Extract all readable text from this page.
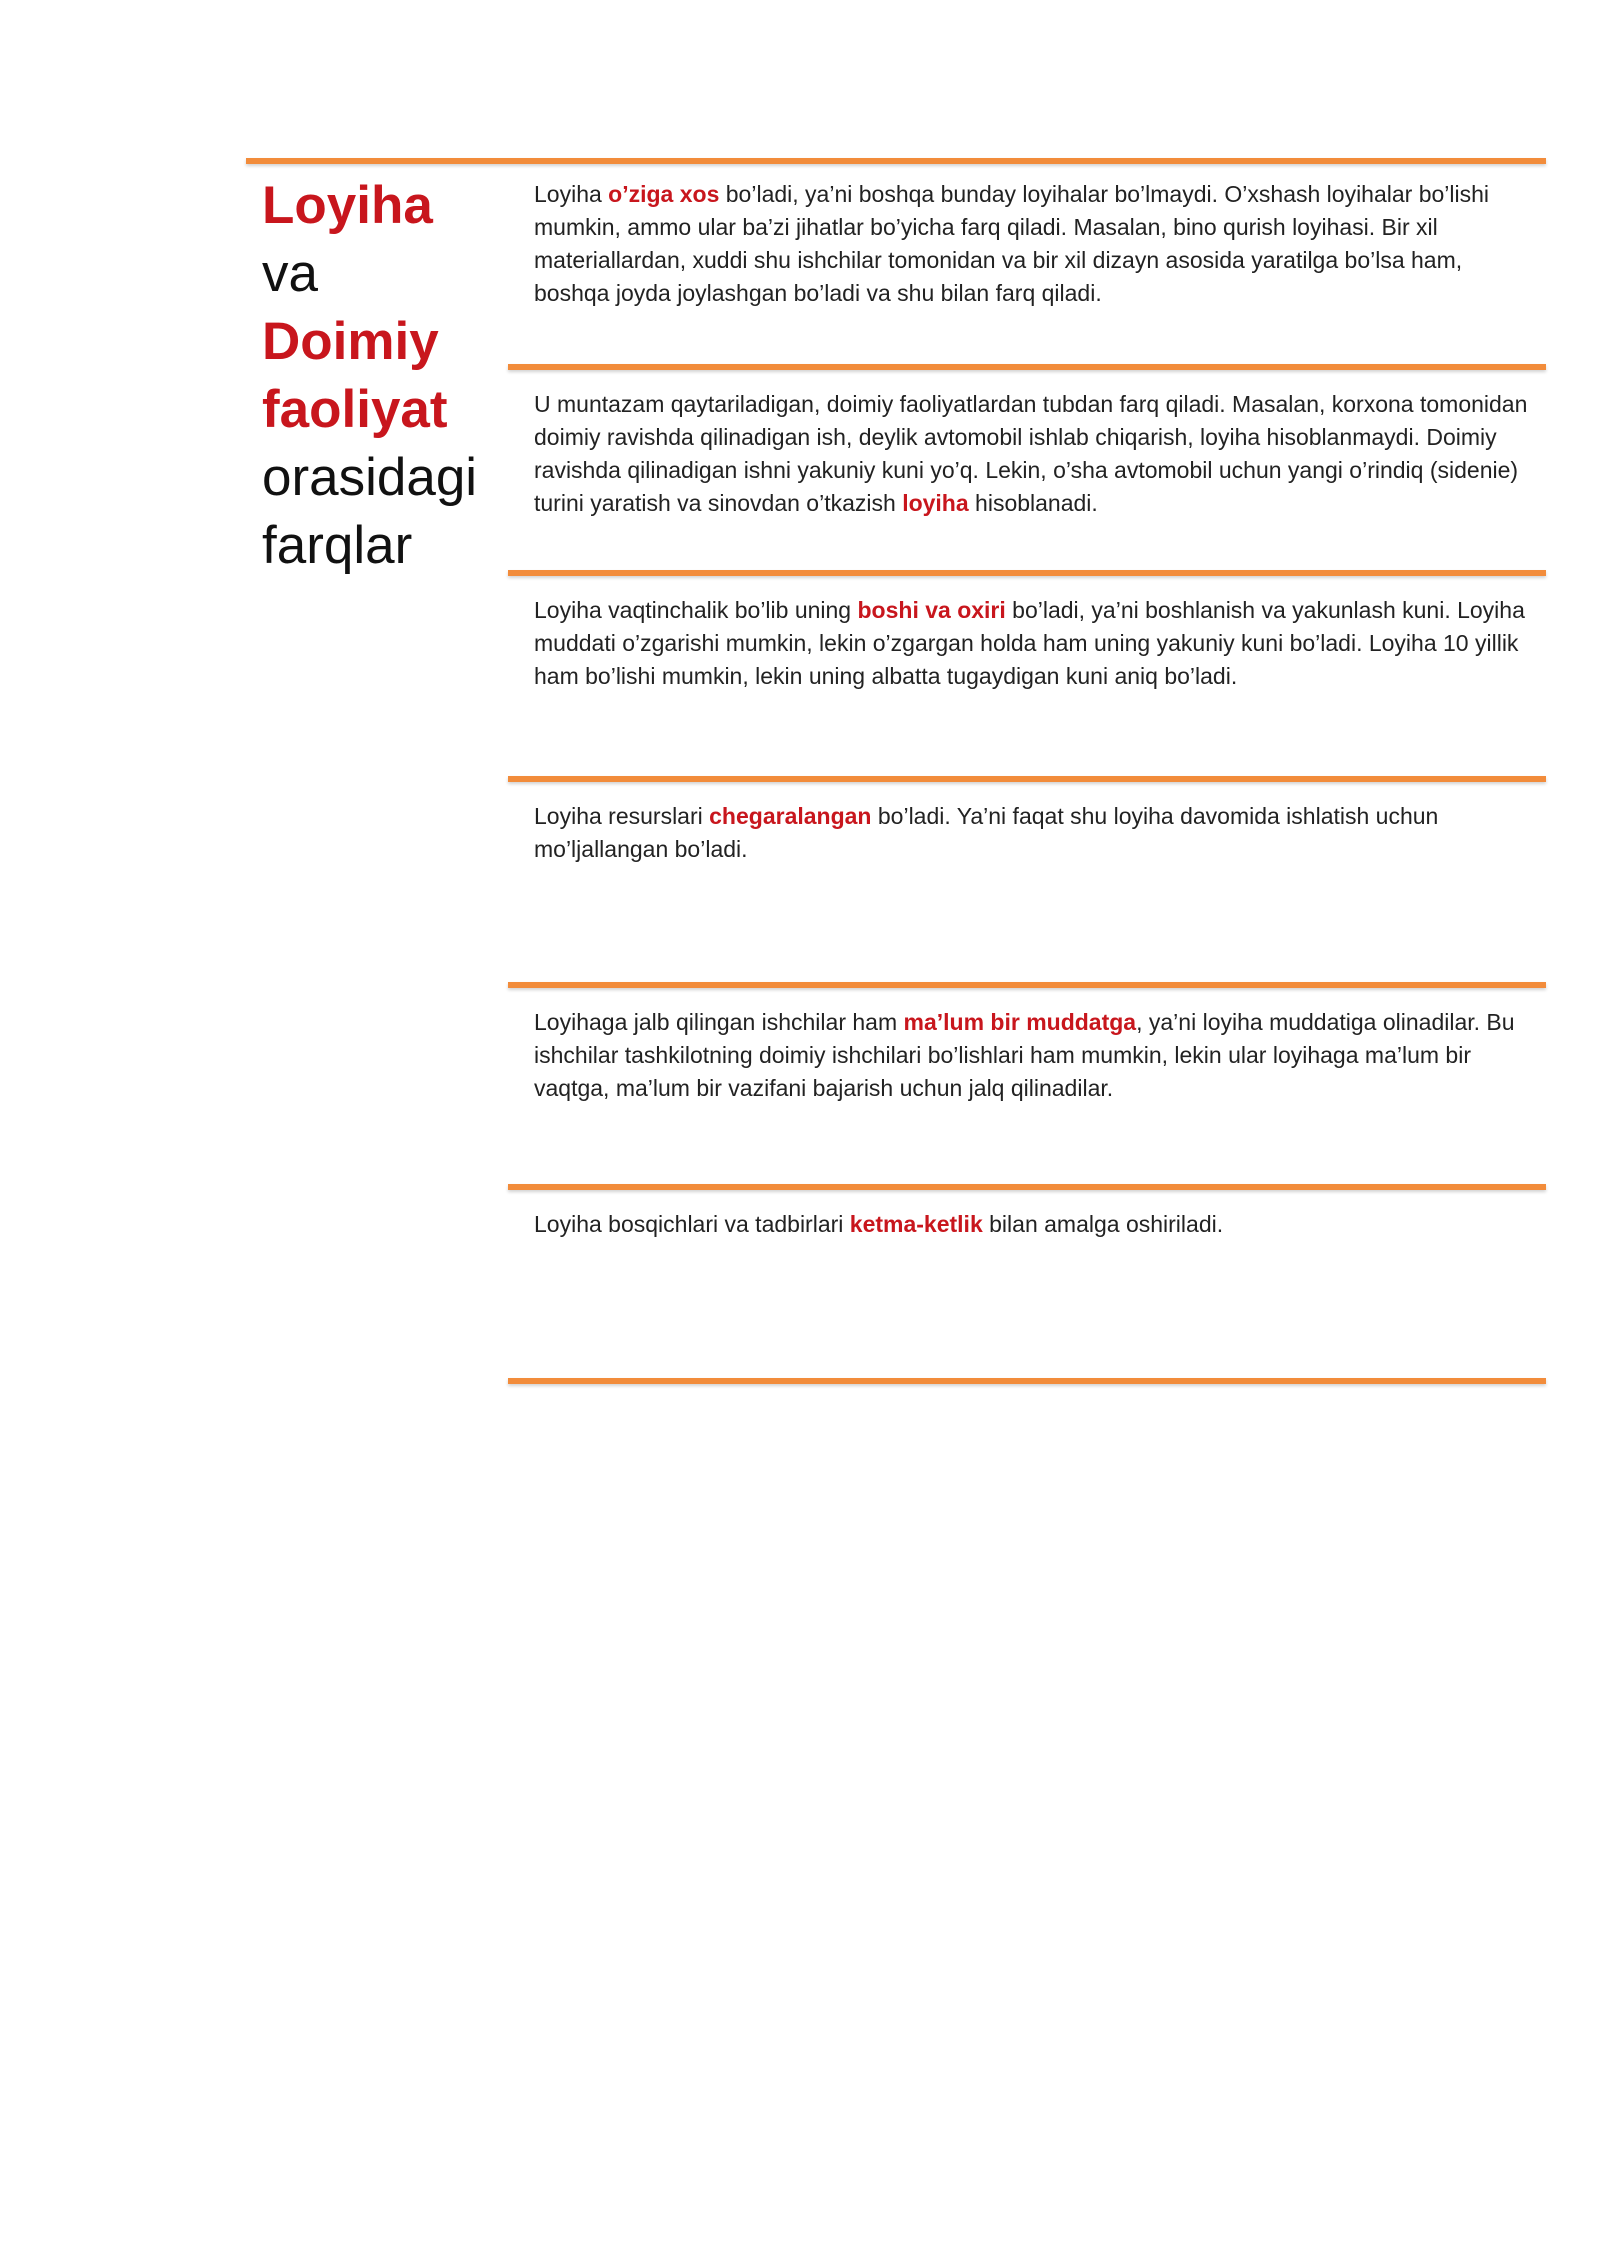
Loyiha
va
Doimiy
faoliyat
orasidagi
farqlar

Loyiha o’ziga xos bo’ladi, ya’ni boshqa bunday loyihalar bo’lmaydi. O’xshash loyihalar bo’lishi mumkin, ammo ular ba’zi jihatlar bo’yicha farq qiladi. Masalan, bino qurish loyihasi. Bir xil materiallardan, xuddi shu ishchilar tomonidan va bir xil dizayn asosida yaratilga bo’lsa ham, boshqa joyda joylashgan bo’ladi va shu bilan farq qiladi.

U muntazam qaytariladigan, doimiy faoliyatlardan tubdan farq qiladi. Masalan, korxona tomonidan doimiy ravishda qilinadigan ish, deylik avtomobil ishlab chiqarish, loyiha hisoblanmaydi. Doimiy ravishda qilinadigan ishni yakuniy kuni yo’q. Lekin, o’sha avtomobil uchun yangi o’rindiq (sidenie) turini yaratish va sinovdan o’tkazish loyiha hisoblanadi.

Loyiha vaqtinchalik bo’lib uning boshi va oxiri bo’ladi, ya’ni boshlanish va yakunlash kuni. Loyiha muddati o’zgarishi mumkin, lekin o’zgargan holda ham uning yakuniy kuni bo’ladi. Loyiha 10 yillik ham bo’lishi mumkin, lekin uning albatta tugaydigan kuni aniq bo’ladi.

Loyiha resurslari chegaralangan bo’ladi. Ya’ni faqat shu loyiha davomida ishlatish uchun mo’ljallangan bo’ladi.

Loyihaga jalb qilingan ishchilar ham ma’lum bir muddatga, ya’ni loyiha muddatiga olinadilar. Bu ishchilar tashkilotning doimiy ishchilari bo’lishlari ham mumkin, lekin ular loyihaga ma’lum bir vaqtga, ma’lum bir vazifani bajarish uchun jalq qilinadilar.

Loyiha bosqichlari va tadbirlari ketma-ketlik bilan amalga oshiriladi.
